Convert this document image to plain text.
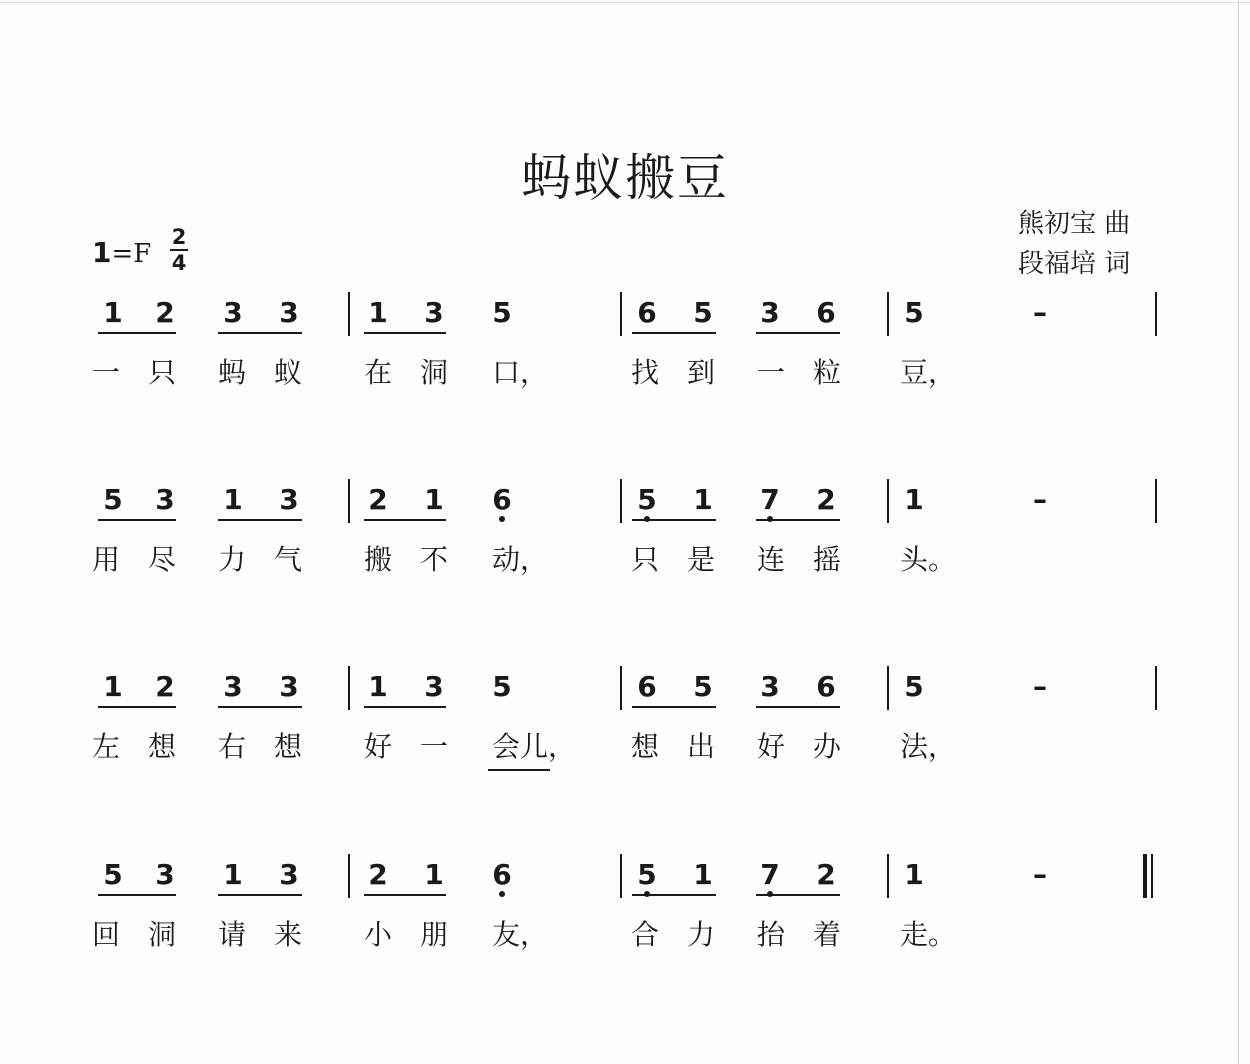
蚂蚁搬豆
熊初宝 曲
段福培 词
1=F
2
4
1 2 3 3 1 3 5	6 5 3 6 5	–
一 只 蚂 蚁 在 洞 口，	找 到 一 粒 豆，
5 3 1 3 2 1 6	5 1 7 2 1	–
用 尽 力 气 搬 不 动，	只 是 连 摇 头。
1 2 3 3 1 3 5	6 5 3 6 5	–
左 想 右 想 好 一 会儿， 想 出 好 办 法，
5 3 1 3 2 1 6	5 1 7 2 1	–
回 洞 请 来 小 朋 友，	合 力 抬 着 走。
